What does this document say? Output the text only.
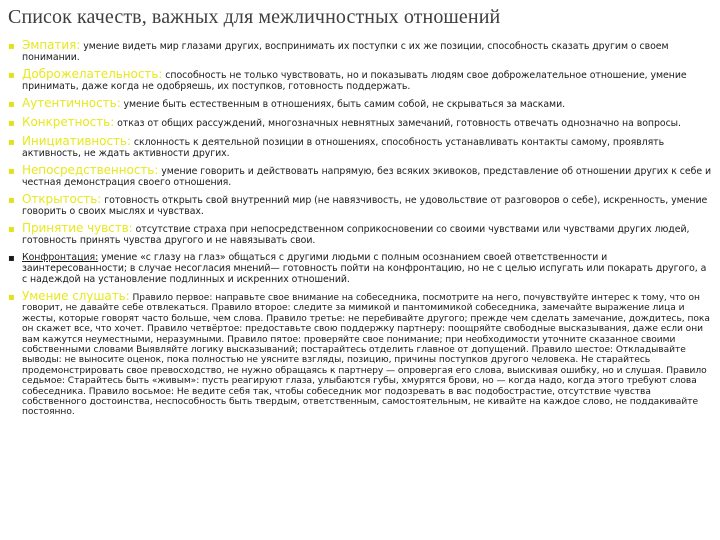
Список качеств, важных для межличностных отношений
▪ Эмпатия: умение видеть мир глазами других, воспринимать их поступки с их же позиции, способность сказать другим о своем понимании.
▪ Доброжелательность: способность не только чувствовать, но и показывать людям свое доброжелательное отношение, умение принимать, даже когда не одобряешь, их поступков, готовность поддержать.
▪ Аутентичность: умение быть естественным в отношениях, быть самим собой, не скрываться за масками.
▪ Конкретность: отказ от общих рассуждений, многозначных невнятных замечаний, готовность отвечать однозначно на вопросы.
▪ Инициативность: склонность к деятельной позиции в отношениях, способность устанавливать контакты самому, проявлять активность, не ждать активности других.
▪ Непосредственность: умение говорить и действовать напрямую, без всяких экивоков, представление об отношении других к себе и честная демонстрация своего отношения.
▪ Открытость: готовность открыть свой внутренний мир (не навязчивость, не удовольствие от разговоров о себе), искренность, умение говорить о своих мыслях и чувствах.
▪ Принятие чувств: отсутствие страха при непосредственном соприкосновении со своими чувствами или чувствами других людей, готовность принять чувства другого и не навязывать свои.
▪ Конфронтация: умение «с глазу на глаз» общаться с другими людьми с полным осознанием своей ответственности и заинтересованности; в случае несогласия мнений— готовность пойти на конфронтацию, но не с целью испугать или покарать другого, а с надеждой на установление подлинных и искренних отношений.
▪ Умение слушать: Правило первое: направьте свое внимание на собеседника, посмотрите на него, почувствуйте интерес к тому, что он говорит, не давайте себе отвлекаться. Правило второе: следите за мимикой и пантомимикой собеседника, замечайте выражение лица и жесты, которые говорят часто больше, чем слова. Правило третье: не перебивайте другого; прежде чем сделать замечание, дождитесь, пока он скажет все, что хочет. Правило четвёртое: предоставьте свою поддержку партнеру: поощряйте свободные высказывания, даже если они вам кажутся неуместными, неразумными. Правило пятое: проверяйте свое понимание; при необходимости уточните сказанное своими собственными словами Выявляйте логику высказываний; постарайтесь отделить главное от допущений. Правило шестое: Откладывайте выводы: не выносите оценок, пока полностью не уясните взгляды, позицию, причины поступков другого человека. Не старайтесь продемонстрировать свое превосходство, не нужно обращаясь к партнеру — опровергая его слова, выискивая ошибку, но и слушая. Правило седьмое: Старайтесь быть «живым»: пусть реагируют глаза, улыбаются губы, хмурятся брови, но — когда надо, когда этого требуют слова собеседника. Правило восьмое: Не ведите себя так, чтобы собеседник мог подозревать в вас подобострастие, отсутствие чувства собственного достоинства, неспособность быть твердым, ответственным, самостоятельным, не кивайте на каждое слово, не поддакивайте постоянно.
